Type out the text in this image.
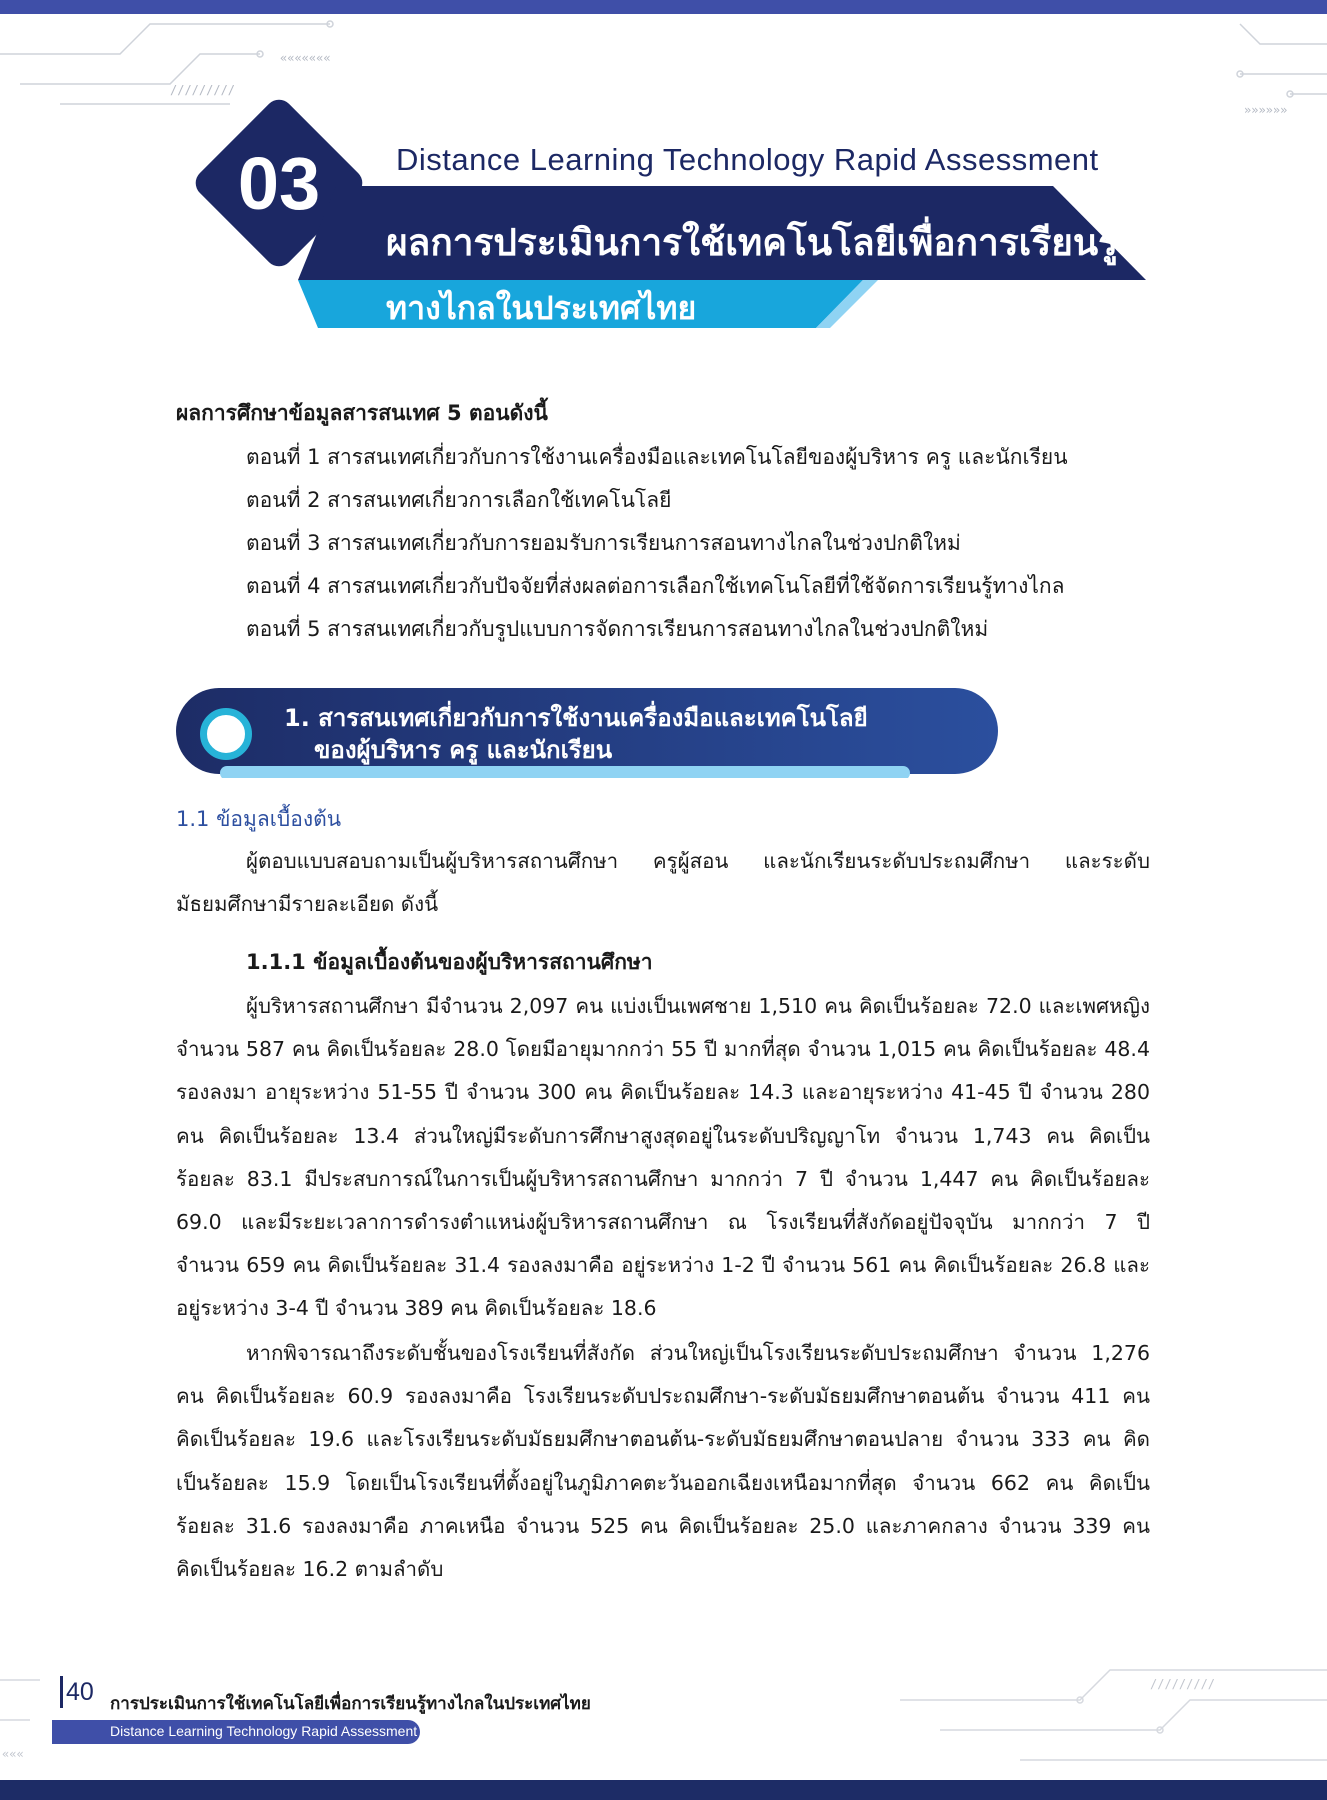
«««««««
/////////
»»»»»»
/////////
«««
03	Distance Learning Technology Rapid Assessment
ผลการประเมินการใช้เทคโนโลยีเพื่อการเรียนรู้
ทางไกลในประเทศไทย
ผลการศึกษาข้อมูลสารสนเทศ 5 ตอนดังนี้
ตอนที่ 1 สารสนเทศเกี่ยวกับการใช้งานเครื่องมือและเทคโนโลยีของผู้บริหาร ครู และนักเรียน
ตอนที่ 2 สารสนเทศเกี่ยวการเลือกใช้เทคโนโลยี
ตอนที่ 3 สารสนเทศเกี่ยวกับการยอมรับการเรียนการสอนทางไกลในช่วงปกติใหม่
ตอนที่ 4 สารสนเทศเกี่ยวกับปัจจัยที่ส่งผลต่อการเลือกใช้เทคโนโลยีที่ใช้จัดการเรียนรู้ทางไกล
ตอนที่ 5 สารสนเทศเกี่ยวกับรูปแบบการจัดการเรียนการสอนทางไกลในช่วงปกติใหม่
1. สารสนเทศเกี่ยวกับการใช้งานเครื่องมือและเทคโนโลยี
ของผู้บริหาร ครู และนักเรียน
1.1 ข้อมูลเบื้องต้น
ผู้ตอบแบบสอบถามเป็นผู้บริหารสถานศึกษา ครูผู้สอน และนักเรียนระดับประถมศึกษา และระดับ
มัธยมศึกษามีรายละเอียด ดังนี้
1.1.1 ข้อมูลเบื้องต้นของผู้บริหารสถานศึกษา
ผู้บริหารสถานศึกษา มีจำนวน 2,097 คน แบ่งเป็นเพศชาย 1,510 คน คิดเป็นร้อยละ 72.0 และเพศหญิง
จำนวน 587 คน คิดเป็นร้อยละ 28.0 โดยมีอายุมากกว่า 55 ปี มากที่สุด จำนวน 1,015 คน คิดเป็นร้อยละ 48.4
รองลงมา อายุระหว่าง 51-55 ปี จำนวน 300 คน คิดเป็นร้อยละ 14.3 และอายุระหว่าง 41-45 ปี จำนวน 280
คน คิดเป็นร้อยละ 13.4 ส่วนใหญ่มีระดับการศึกษาสูงสุดอยู่ในระดับปริญญาโท จำนวน 1,743 คน คิดเป็น
ร้อยละ 83.1 มีประสบการณ์ในการเป็นผู้บริหารสถานศึกษา มากกว่า 7 ปี จำนวน 1,447 คน คิดเป็นร้อยละ
69.0 และมีระยะเวลาการดำรงตำแหน่งผู้บริหารสถานศึกษา ณ โรงเรียนที่สังกัดอยู่ปัจจุบัน มากกว่า 7 ปี
จำนวน 659 คน คิดเป็นร้อยละ 31.4 รองลงมาคือ อยู่ระหว่าง 1-2 ปี จำนวน 561 คน คิดเป็นร้อยละ 26.8 และ
อยู่ระหว่าง 3-4 ปี จำนวน 389 คน คิดเป็นร้อยละ 18.6
หากพิจารณาถึงระดับชั้นของโรงเรียนที่สังกัด ส่วนใหญ่เป็นโรงเรียนระดับประถมศึกษา จำนวน 1,276
คน คิดเป็นร้อยละ 60.9 รองลงมาคือ โรงเรียนระดับประถมศึกษา-ระดับมัธยมศึกษาตอนต้น จำนวน 411 คน
คิดเป็นร้อยละ 19.6 และโรงเรียนระดับมัธยมศึกษาตอนต้น-ระดับมัธยมศึกษาตอนปลาย จำนวน 333 คน คิด
เป็นร้อยละ 15.9 โดยเป็นโรงเรียนที่ตั้งอยู่ในภูมิภาคตะวันออกเฉียงเหนือมากที่สุด จำนวน 662 คน คิดเป็น
ร้อยละ 31.6 รองลงมาคือ ภาคเหนือ จำนวน 525 คน คิดเป็นร้อยละ 25.0 และภาคกลาง จำนวน 339 คน
คิดเป็นร้อยละ 16.2 ตามลำดับ
40 การประเมินการใช้เทคโนโลยีเพื่อการเรียนรู้ทางไกลในประเทศไทย
Distance Learning Technology Rapid Assessment
